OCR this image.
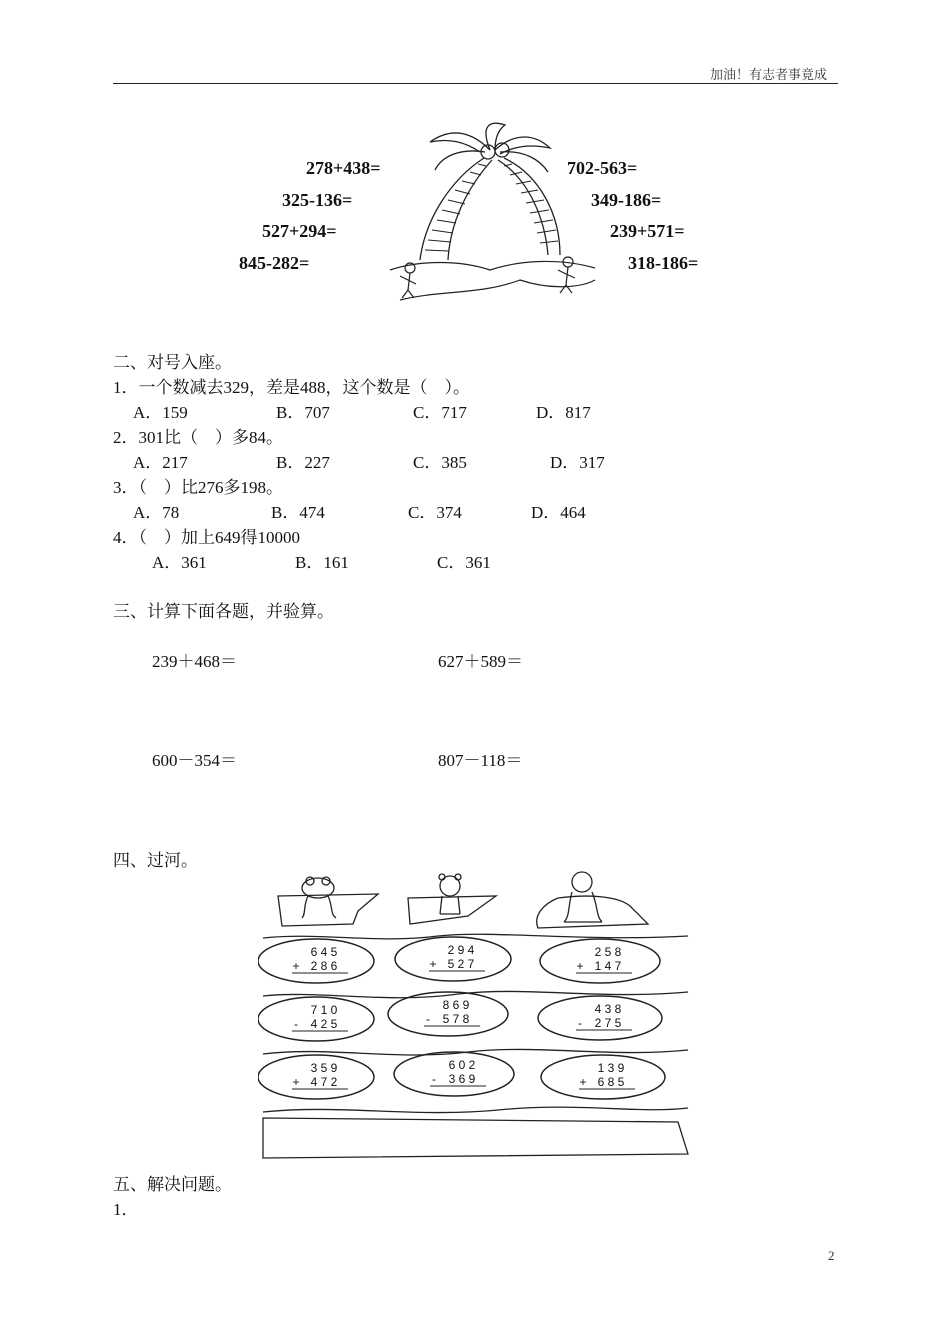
加油！有志者事竟成
278+438=
325-136=
527+294=
845-282=
702-563=
349-186=
239+571=
318-186=
二、对号入座。
1．一个数减去329，差是488，这个数是（　）。
A．159	B．707	C．717	D．817
2．301比（　）多84。
A．217	B．227	C．385	D．317
3．（　）比276多198。
A．78	B．474	C．374	D．464
4．（　）加上649得10000
A．361	B．161	C．361
三、计算下面各题，并验算。
239＋468＝	627＋589＝
600－354＝	807－118＝
四、过河。
6 4 5
+ 2 8 6
2 9 4
+ 5 2 7
2 5 8
+ 1 4 7
7 1 0
- 4 2 5
8 6 9
- 5 7 8
4 3 8
- 2 7 5
3 5 9
+ 4 7 2
6 0 2
- 3 6 9
1 3 9
+ 6 8 5
五、解决问题。
1．
2
